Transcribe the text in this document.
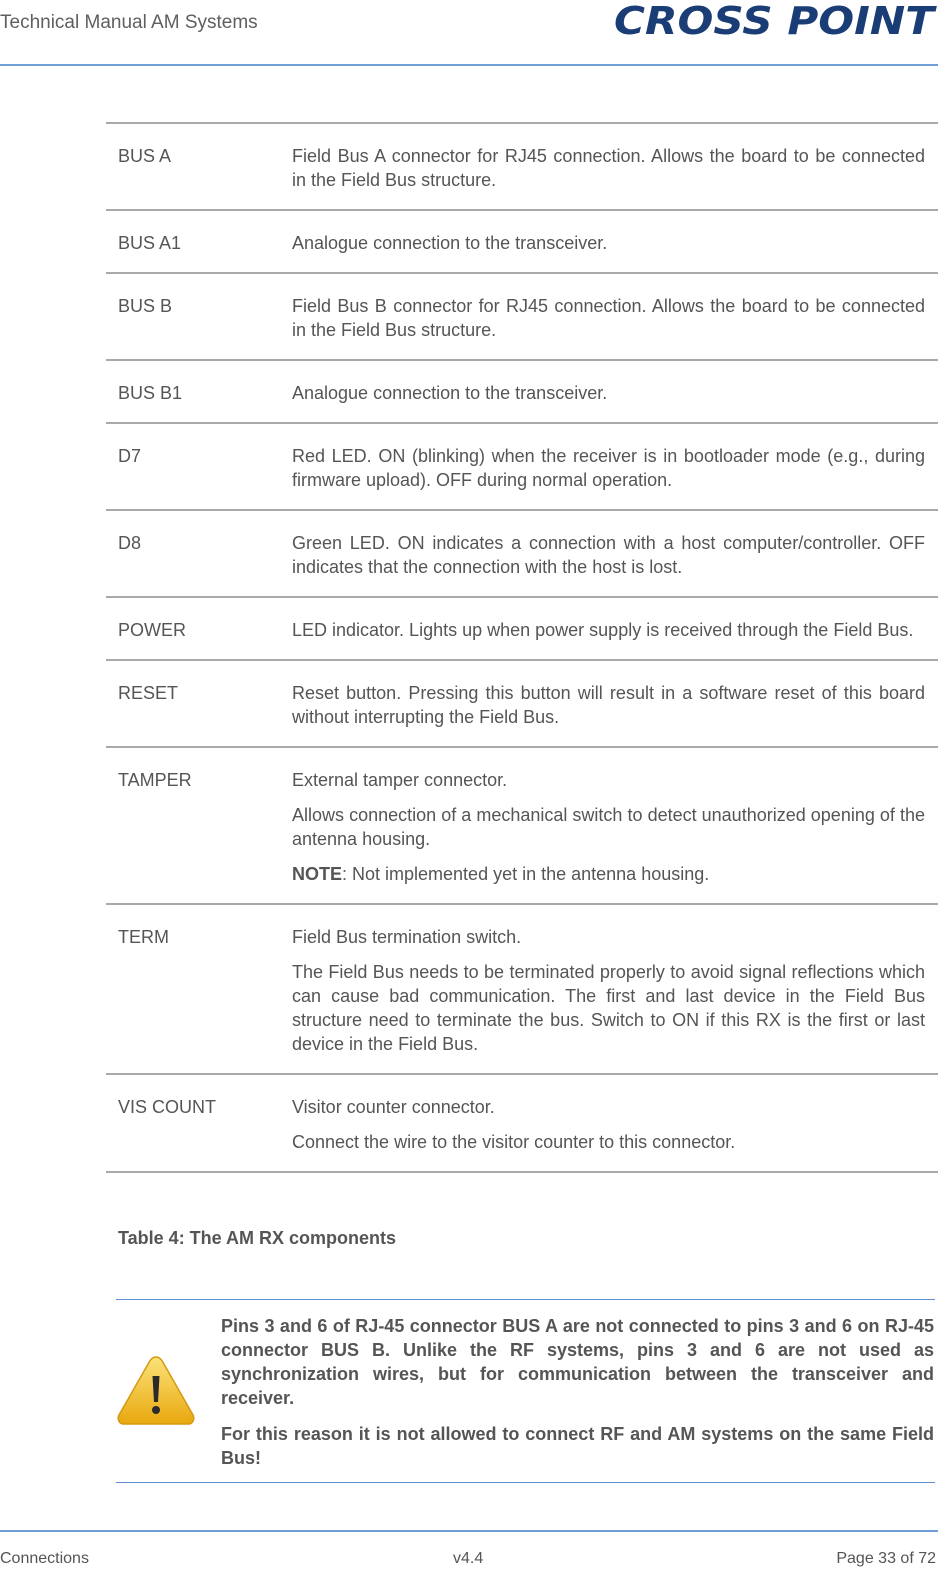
Technical Manual AM Systems	CROSS POINT
BUS A	Field Bus A connector for RJ45 connection. Allows the board to be connected in the Field Bus structure.

BUS A1	Analogue connection to the transceiver.

BUS B	Field Bus B connector for RJ45 connection. Allows the board to be connected in the Field Bus structure.

BUS B1	Analogue connection to the transceiver.

D7	Red LED. ON (blinking) when the receiver is in bootloader mode (e.g., during firmware upload). OFF during normal operation.

D8	Green LED. ON indicates a connection with a host computer/controller. OFF indicates that the connection with the host is lost.

POWER	LED indicator. Lights up when power supply is received through the Field Bus.

RESET	Reset button. Pressing this button will result in a software reset of this board without interrupting the Field Bus.

TAMPER	External tamper connector.

Allows connection of a mechanical switch to detect unauthorized opening of the antenna housing.

NOTE: Not implemented yet in the antenna housing.

TERM	Field Bus termination switch.

The Field Bus needs to be terminated properly to avoid signal reflections which can cause bad communication. The first and last device in the Field Bus structure need to terminate the bus. Switch to ON if this RX is the first or last device in the Field Bus.

VIS COUNT	Visitor counter connector.

Connect the wire to the visitor counter to this connector.

Table 4: The AM RX components

Pins 3 and 6 of RJ-45 connector BUS A are not connected to pins 3 and 6 on RJ-45 connector BUS B. Unlike the RF systems, pins 3 and 6 are not used as synchronization wires, but for communication between the transceiver and receiver.

For this reason it is not allowed to connect RF and AM systems on the same Field Bus!

Connections	v4.4	Page 33 of 72
